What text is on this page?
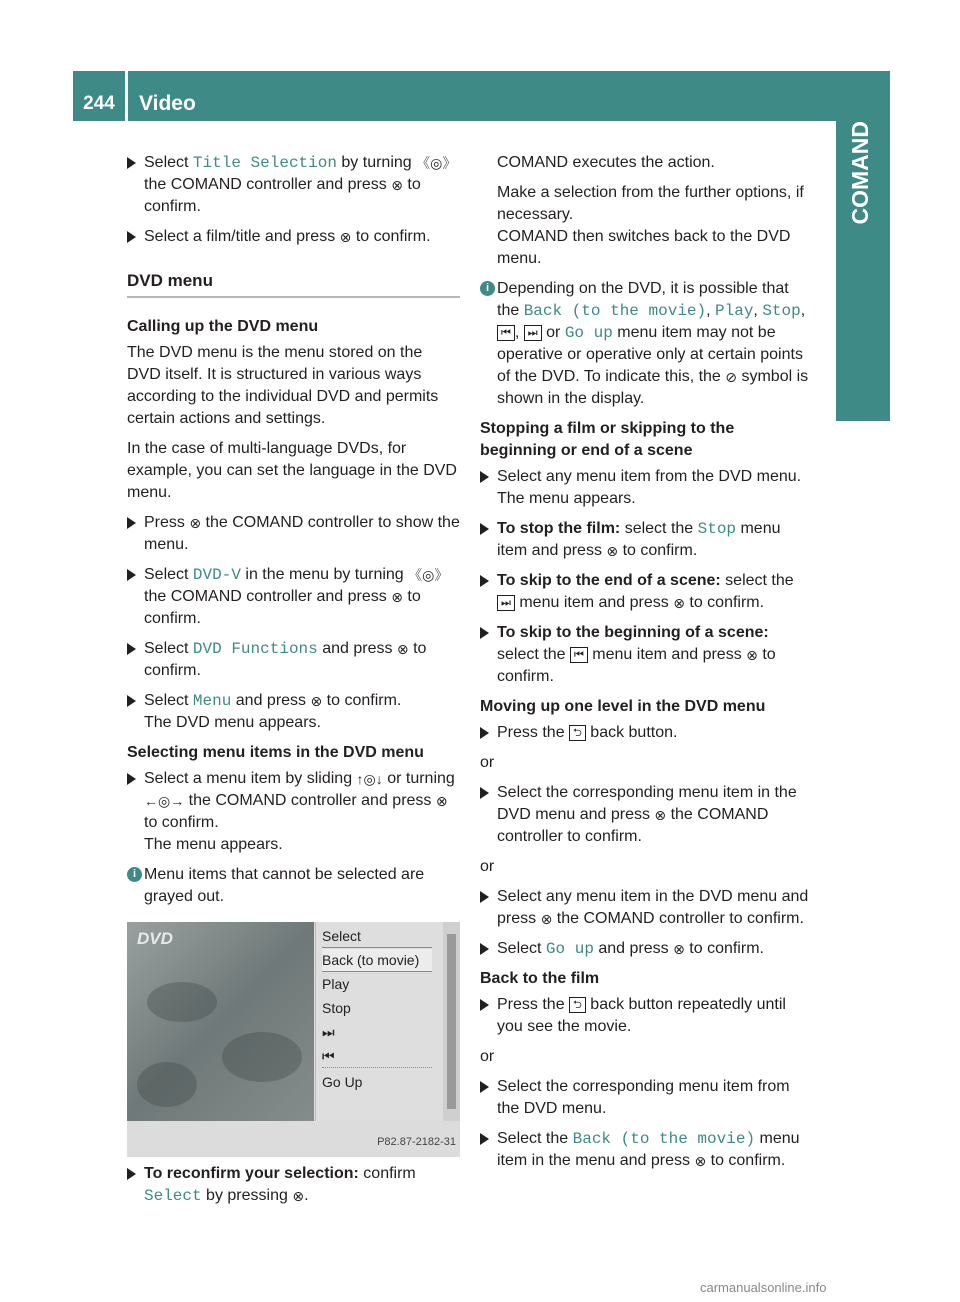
244	Video
COMAND
Select Title Selection by turning 《◎》 the COMAND controller and press ⊗ to confirm.
Select a film/title and press ⊗ to confirm.
DVD menu
Calling up the DVD menu
The DVD menu is the menu stored on the DVD itself. It is structured in various ways according to the individual DVD and permits certain actions and settings.
In the case of multi-language DVDs, for example, you can set the language in the DVD menu.
Press ⊗ the COMAND controller to show the menu.
Select DVD-V in the menu by turning 《◎》 the COMAND controller and press ⊗ to confirm.
Select DVD Functions and press ⊗ to confirm.
Select Menu and press ⊗ to confirm.
The DVD menu appears.
Selecting menu items in the DVD menu
Select a menu item by sliding ↑◎↓ or turning ←◎→ the COMAND controller and press ⊗ to confirm.
The menu appears.
i Menu items that cannot be selected are grayed out.
DVD	Select
Back (to movie)
Play
Stop
⏭
⏮
Go Up
P82.87-2182-31
To reconfirm your selection: confirm Select by pressing ⊗.
COMAND executes the action.
Make a selection from the further options, if necessary.
COMAND then switches back to the DVD menu.
i Depending on the DVD, it is possible that the Back (to the movie), Play, Stop,
⏮ , ⏭ or Go up menu item may not be operative or operative only at certain points of the DVD. To indicate this, the ⊘ symbol is shown in the display.
Stopping a film or skipping to the beginning or end of a scene
Select any menu item from the DVD menu. The menu appears.
To stop the film: select the Stop menu item and press ⊗ to confirm.
To skip to the end of a scene: select the
⏭ menu item and press ⊗ to confirm.
To skip to the beginning of a scene:
select the ⏮ menu item and press ⊗ to confirm.
Moving up one level in the DVD menu
Press the ⮌ back button.
or
Select the corresponding menu item in the DVD menu and press ⊗ the COMAND controller to confirm.
or
Select any menu item in the DVD menu and press ⊗ the COMAND controller to confirm.
Select Go up and press ⊗ to confirm.
Back to the film
Press the ⮌ back button repeatedly until you see the movie.
or
Select the corresponding menu item from the DVD menu.
Select the Back (to the movie) menu item in the menu and press ⊗ to confirm.
carmanualsonline.info
